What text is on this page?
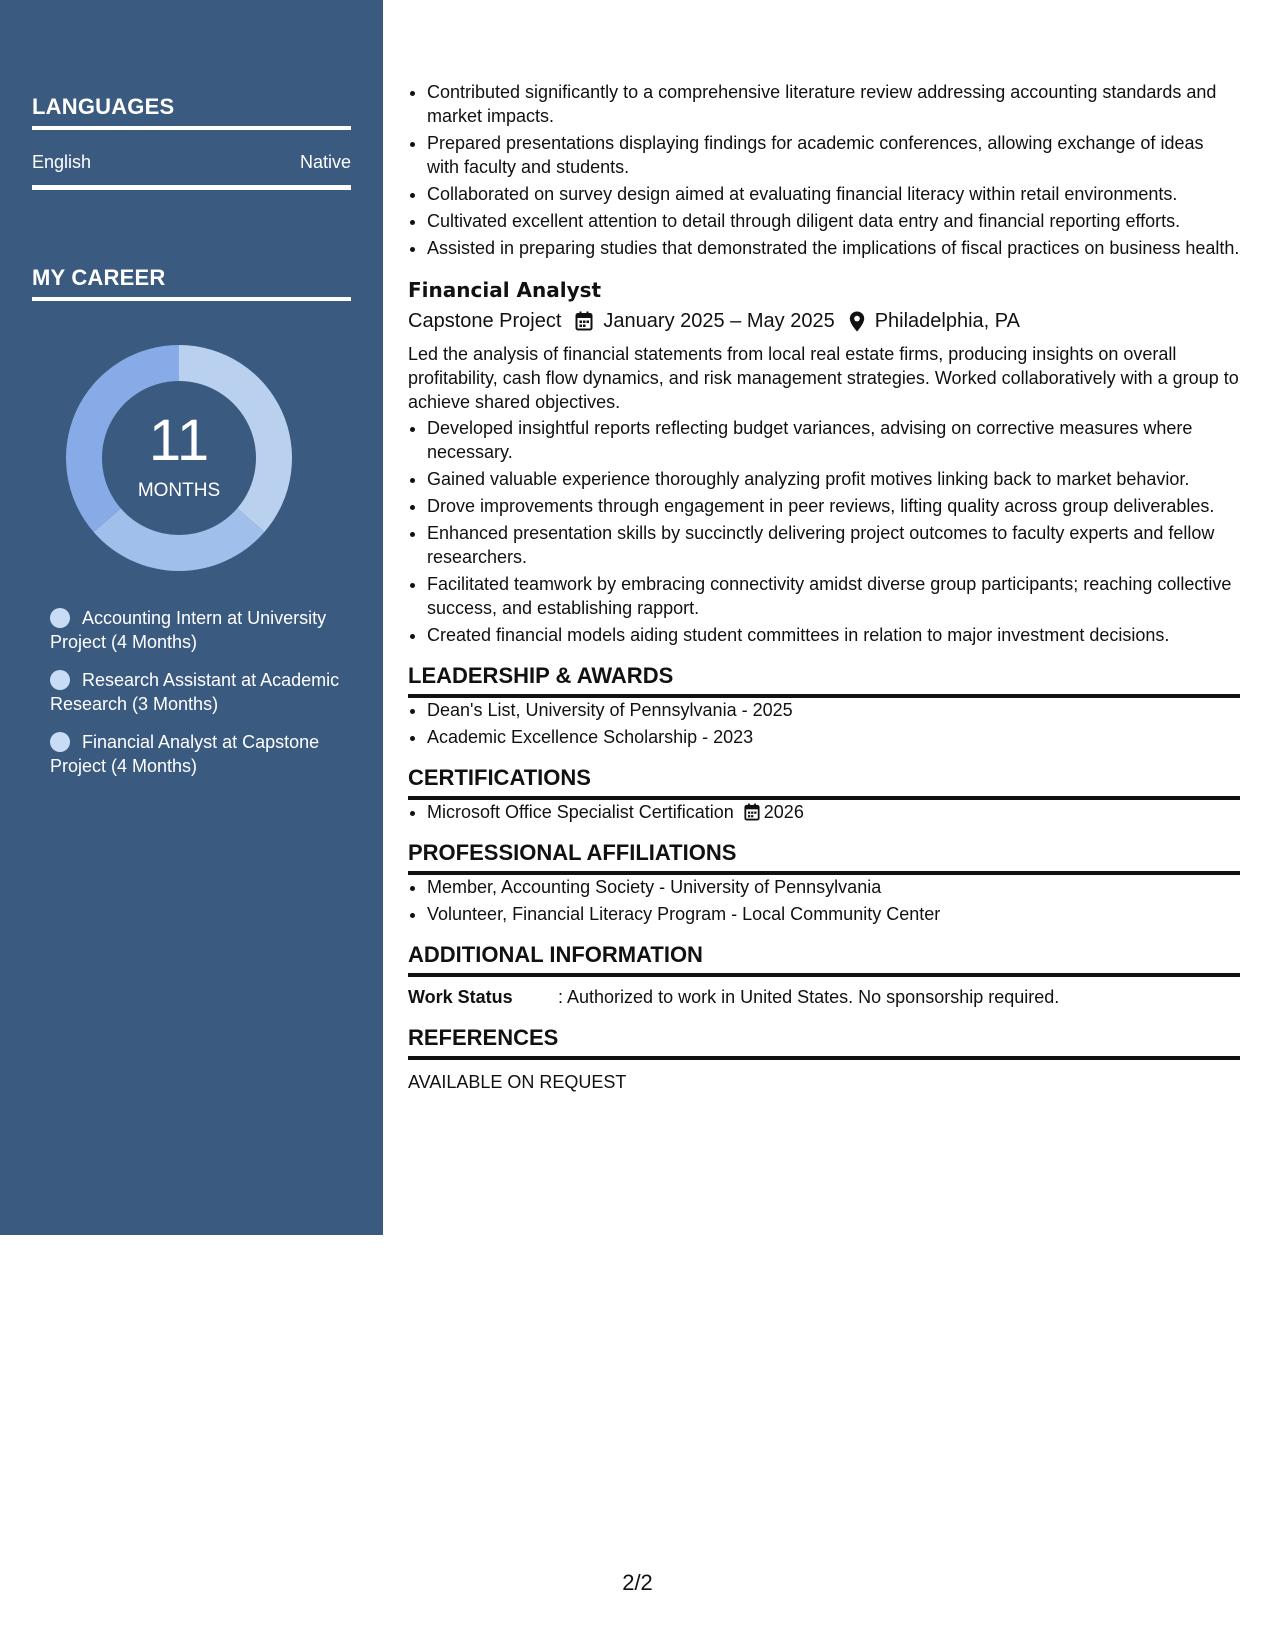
LANGUAGES
English	Native
MY CAREER
11
MONTHS
Accounting Intern at University Project (4 Months)
Research Assistant at Academic Research (3 Months)
Financial Analyst at Capstone Project (4 Months)
• Contributed significantly to a comprehensive literature review addressing accounting standards and market impacts.
• Prepared presentations displaying findings for academic conferences, allowing exchange of ideas with faculty and students.
• Collaborated on survey design aimed at evaluating financial literacy within retail environments.
• Cultivated excellent attention to detail through diligent data entry and financial reporting efforts.
• Assisted in preparing studies that demonstrated the implications of fiscal practices on business health.
Financial Analyst
Capstone Project January 2025 – May 2025 Philadelphia, PA
Led the analysis of financial statements from local real estate firms, producing insights on overall profitability, cash flow dynamics, and risk management strategies. Worked collaboratively with a group to achieve shared objectives.
• Developed insightful reports reflecting budget variances, advising on corrective measures where necessary.
• Gained valuable experience thoroughly analyzing profit motives linking back to market behavior.
• Drove improvements through engagement in peer reviews, lifting quality across group deliverables.
• Enhanced presentation skills by succinctly delivering project outcomes to faculty experts and fellow researchers.
• Facilitated teamwork by embracing connectivity amidst diverse group participants; reaching collective success, and establishing rapport.
• Created financial models aiding student committees in relation to major investment decisions.
LEADERSHIP & AWARDS
• Dean's List, University of Pennsylvania - 2025
• Academic Excellence Scholarship - 2023
CERTIFICATIONS
• Microsoft Office Specialist Certification 2026
PROFESSIONAL AFFILIATIONS
• Member, Accounting Society - University of Pennsylvania
• Volunteer, Financial Literacy Program - Local Community Center
ADDITIONAL INFORMATION
Work Status	: Authorized to work in United States. No sponsorship required.
REFERENCES
AVAILABLE ON REQUEST
2/2
